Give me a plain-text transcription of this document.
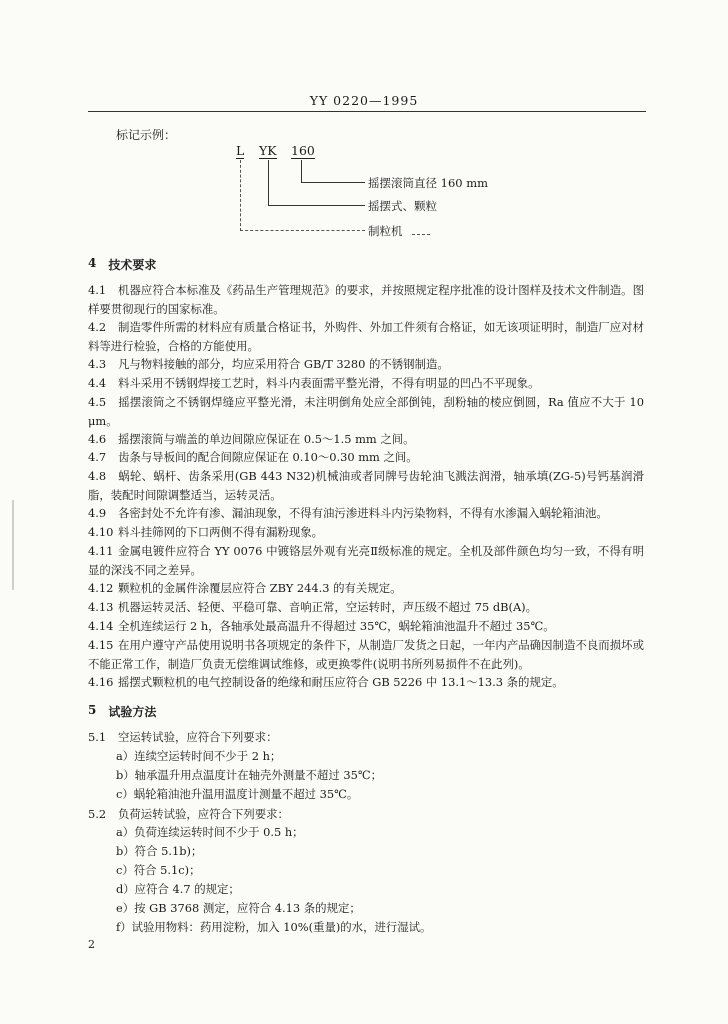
YY 0220—1995
标记示例：
L YK 160
摇摆滚筒直径 160 mm
摇摆式、颗粒
制粒机
4 技术要求
4.1 机器应符合本标准及《药品生产管理规范》的要求，并按照规定程序批准的设计图样及技术文件制造。图样要贯彻现行的国家标准。
4.2 制造零件所需的材料应有质量合格证书，外购件、外加工件须有合格证，如无该项证明时，制造厂应对材料等进行检验，合格的方能使用。
4.3 凡与物料接触的部分，均应采用符合 GB/T 3280 的不锈钢制造。
4.4 料斗采用不锈钢焊接工艺时，料斗内表面需平整光滑，不得有明显的凹凸不平现象。
4.5 摇摆滚筒之不锈钢焊缝应平整光滑，未注明倒角处应全部倒钝，刮粉轴的棱应倒圆，Ra 值应不大于 10 μm。
4.6 摇摆滚筒与端盖的单边间隙应保证在 0.5～1.5 mm 之间。
4.7 齿条与导板间的配合间隙应保证在 0.10～0.30 mm 之间。
4.8 蜗轮、蜗杆、齿条采用(GB 443 N32)机械油或者同牌号齿轮油飞溅法润滑，轴承填(ZG-5)号钙基润滑脂，装配时间隙调整适当，运转灵活。
4.9 各密封处不允许有渗、漏油现象，不得有油污渗进料斗内污染物料，不得有水渗漏入蜗轮箱油池。
4.10 料斗挂筛网的下口两侧不得有漏粉现象。
4.11 金属电镀件应符合 YY 0076 中镀铬层外观有光亮Ⅱ级标准的规定。全机及部件颜色均匀一致，不得有明显的深浅不同之差异。
4.12 颗粒机的金属件涂覆层应符合 ZBY 244.3 的有关规定。
4.13 机器运转灵活、轻便、平稳可靠、音响正常，空运转时，声压级不超过 75 dB(A)。
4.14 全机连续运行 2 h，各轴承处最高温升不得超过 35℃，蜗轮箱油池温升不超过 35℃。
4.15 在用户遵守产品使用说明书各项规定的条件下，从制造厂发货之日起，一年内产品确因制造不良而损坏或不能正常工作，制造厂负责无偿维调试维修，或更换零件(说明书所列易损件不在此列)。
4.16 摇摆式颗粒机的电气控制设备的绝缘和耐压应符合 GB 5226 中 13.1～13.3 条的规定。
5 试验方法
5.1 空运转试验，应符合下列要求：
a）连续空运转时间不少于 2 h；
b）轴承温升用点温度计在轴壳外测量不超过 35℃；
c）蜗轮箱油池升温用温度计测量不超过 35℃。
5.2 负荷运转试验，应符合下列要求：
a）负荷连续运转时间不少于 0.5 h；
b）符合 5.1b)；
c）符合 5.1c)；
d）应符合 4.7 的规定；
e）按 GB 3768 测定，应符合 4.13 条的规定；
f）试验用物料：药用淀粉，加入 10%(重量)的水，进行湿试。
2
